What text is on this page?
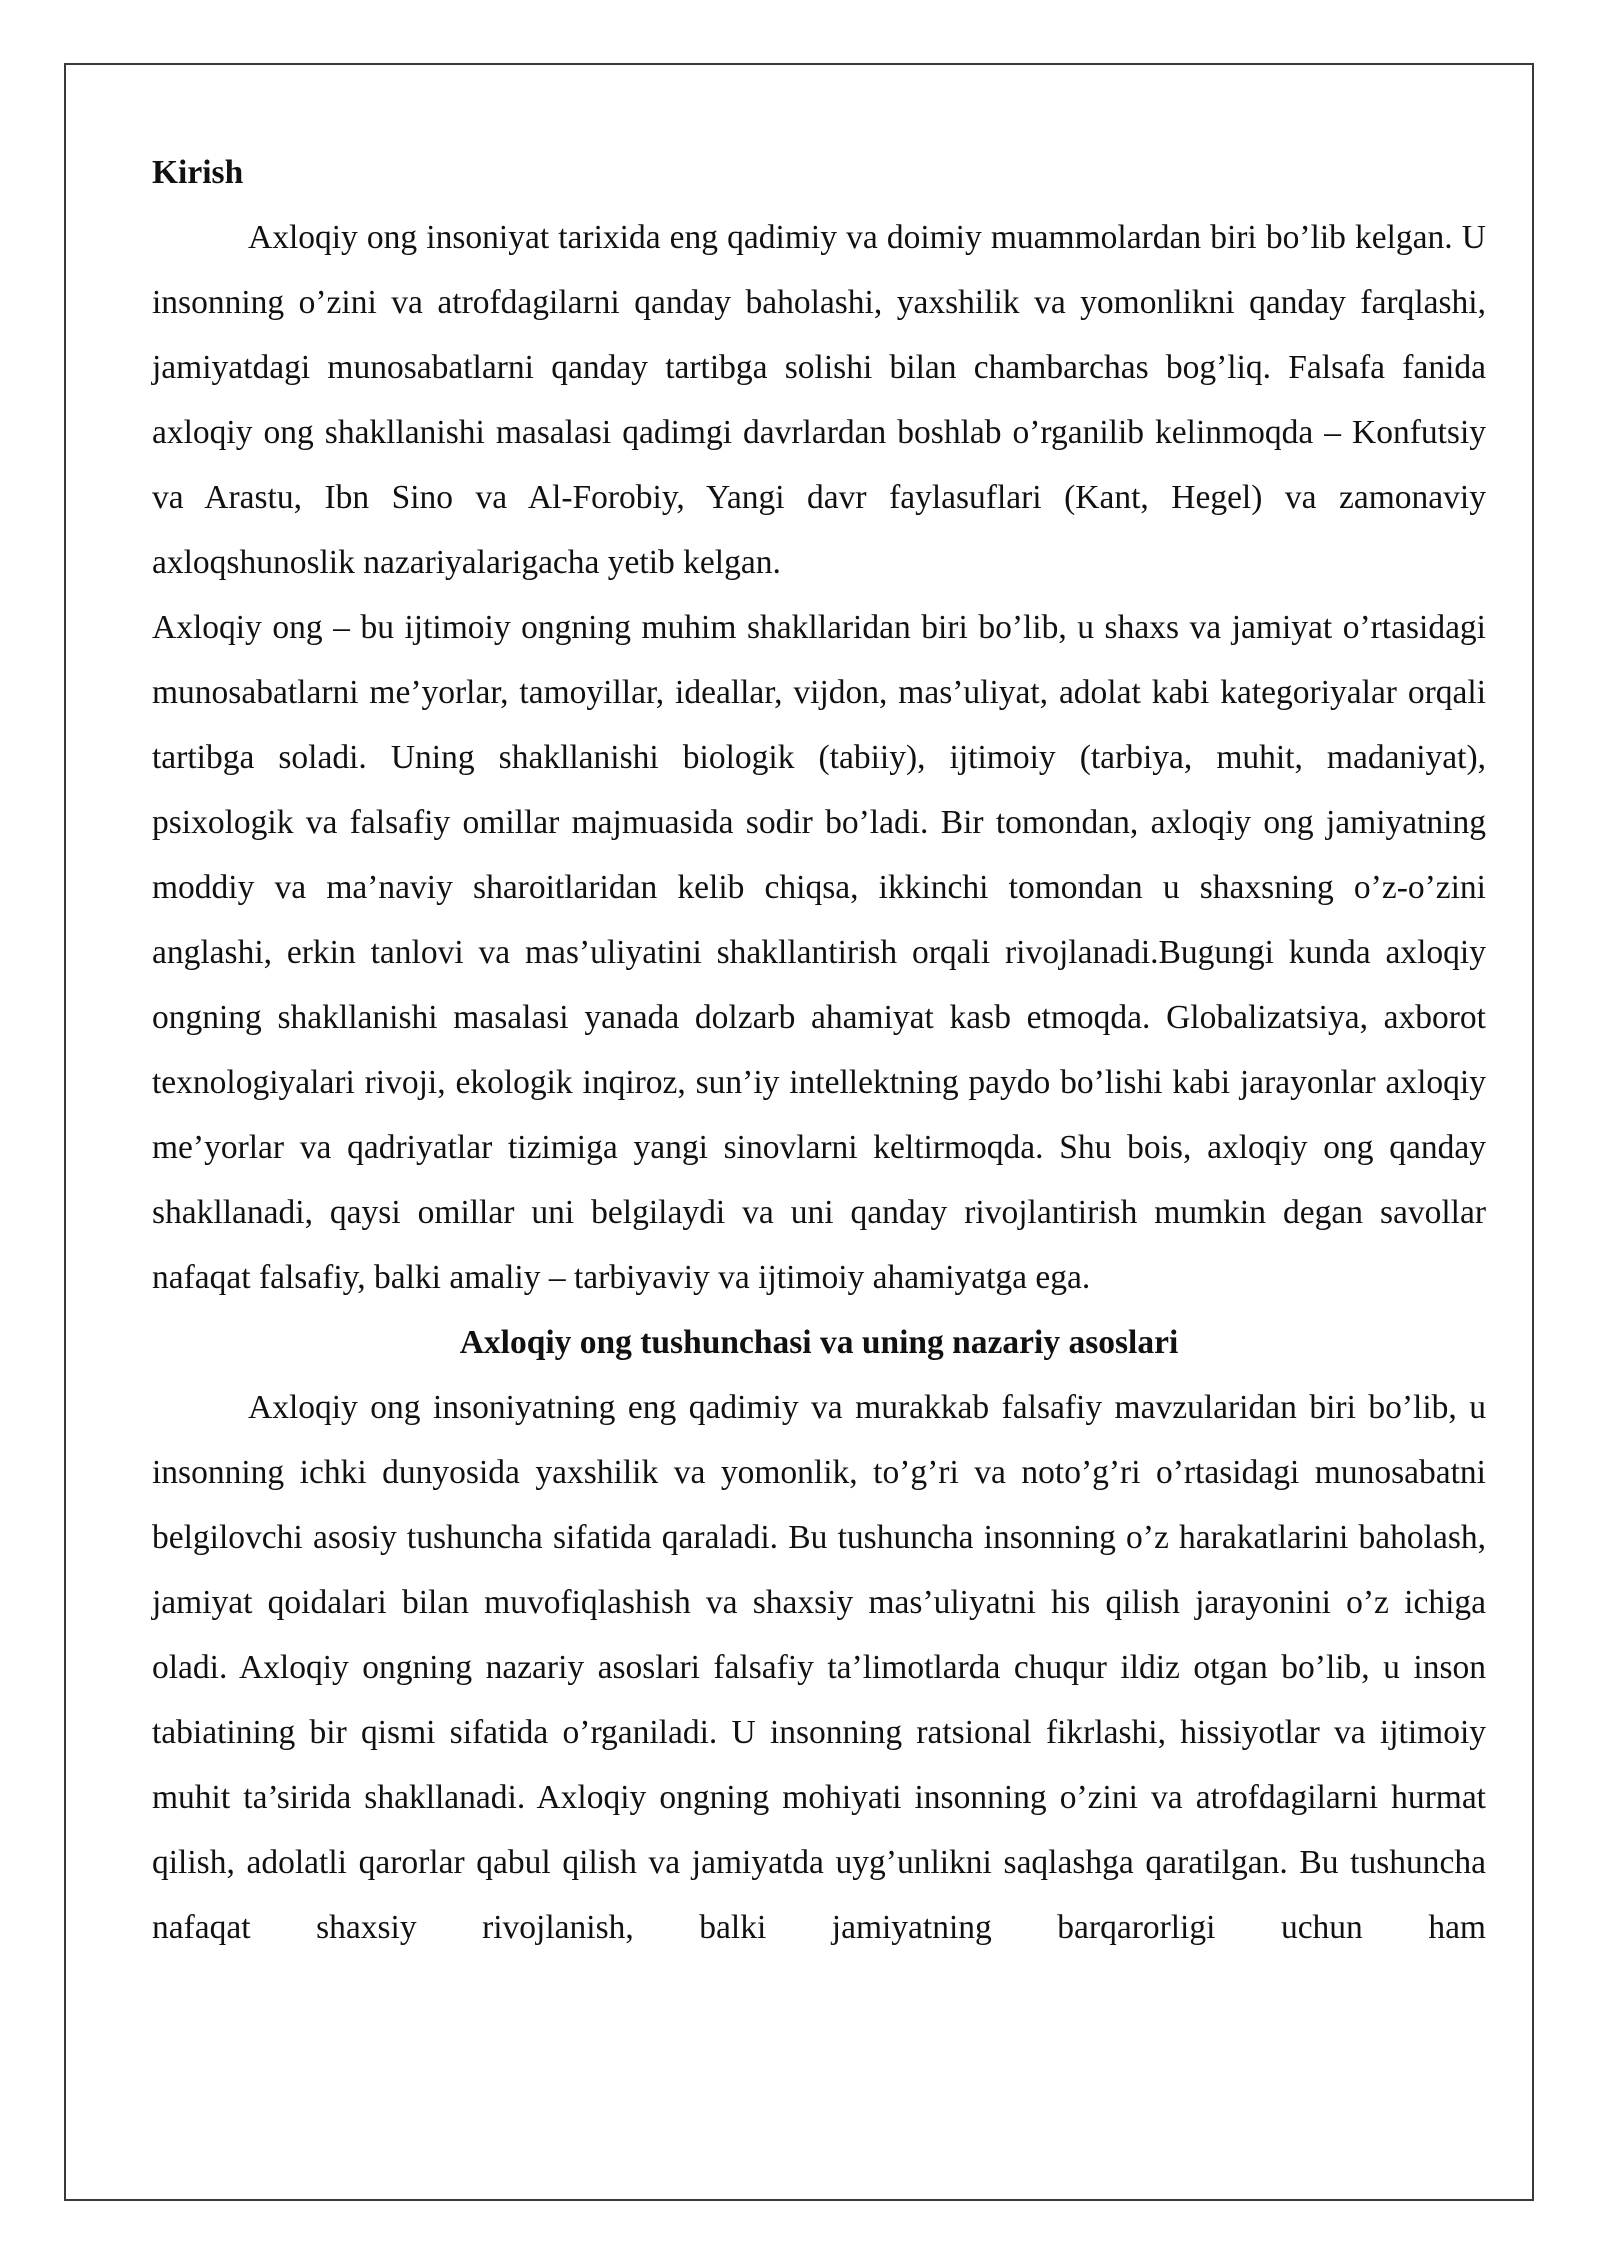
Kirish

Axloqiy ong insoniyat tarixida eng qadimiy va doimiy muammolardan biri bo’lib kelgan. U insonning o’zini va atrofdagilarni qanday baholashi, yaxshilik va yomonlikni qanday farqlashi, jamiyatdagi munosabatlarni qanday tartibga solishi bilan chambarchas bog’liq. Falsafa fanida axloqiy ong shakllanishi masalasi qadimgi davrlardan boshlab o’rganilib kelinmoqda – Konfutsiy va Arastu, Ibn Sino va Al-Forobiy, Yangi davr faylasuflari (Kant, Hegel) va zamonaviy axloqshunoslik nazariyalarigacha yetib kelgan.

Axloqiy ong – bu ijtimoiy ongning muhim shakllaridan biri bo’lib, u shaxs va jamiyat o’rtasidagi munosabatlarni me’yorlar, tamoyillar, ideallar, vijdon, mas’uliyat, adolat kabi kategoriyalar orqali tartibga soladi. Uning shakllanishi biologik (tabiiy), ijtimoiy (tarbiya, muhit, madaniyat), psixologik va falsafiy omillar majmuasida sodir bo’ladi. Bir tomondan, axloqiy ong jamiyatning moddiy va ma’naviy sharoitlaridan kelib chiqsa, ikkinchi tomondan u shaxsning o’z-o’zini anglashi, erkin tanlovi va mas’uliyatini shakllantirish orqali rivojlanadi.Bugungi kunda axloqiy ongning shakllanishi masalasi yanada dolzarb ahamiyat kasb etmoqda. Globalizatsiya, axborot texnologiyalari rivoji, ekologik inqiroz, sun’iy intellektning paydo bo’lishi kabi jarayonlar axloqiy me’yorlar va qadriyatlar tizimiga yangi sinovlarni keltirmoqda. Shu bois, axloqiy ong qanday shakllanadi, qaysi omillar uni belgilaydi va uni qanday rivojlantirish mumkin degan savollar nafaqat falsafiy, balki amaliy – tarbiyaviy va ijtimoiy ahamiyatga ega.

Axloqiy ong tushunchasi va uning nazariy asoslari

Axloqiy ong insoniyatning eng qadimiy va murakkab falsafiy mavzularidan biri bo’lib, u insonning ichki dunyosida yaxshilik va yomonlik, to’g’ri va noto’g’ri o’rtasidagi munosabatni belgilovchi asosiy tushuncha sifatida qaraladi. Bu tushuncha insonning o’z harakatlarini baholash, jamiyat qoidalari bilan muvofiqlashish va shaxsiy mas’uliyatni his qilish jarayonini o’z ichiga oladi. Axloqiy ongning nazariy asoslari falsafiy ta’limotlarda chuqur ildiz otgan bo’lib, u inson tabiatining bir qismi sifatida o’rganiladi. U insonning ratsional fikrlashi, hissiyotlar va ijtimoiy muhit ta’sirida shakllanadi. Axloqiy ongning mohiyati insonning o’zini va atrofdagilarni hurmat qilish, adolatli qarorlar qabul qilish va jamiyatda uyg’unlikni saqlashga qaratilgan. Bu tushuncha nafaqat shaxsiy rivojlanish, balki jamiyatning barqarorligi uchun ham
